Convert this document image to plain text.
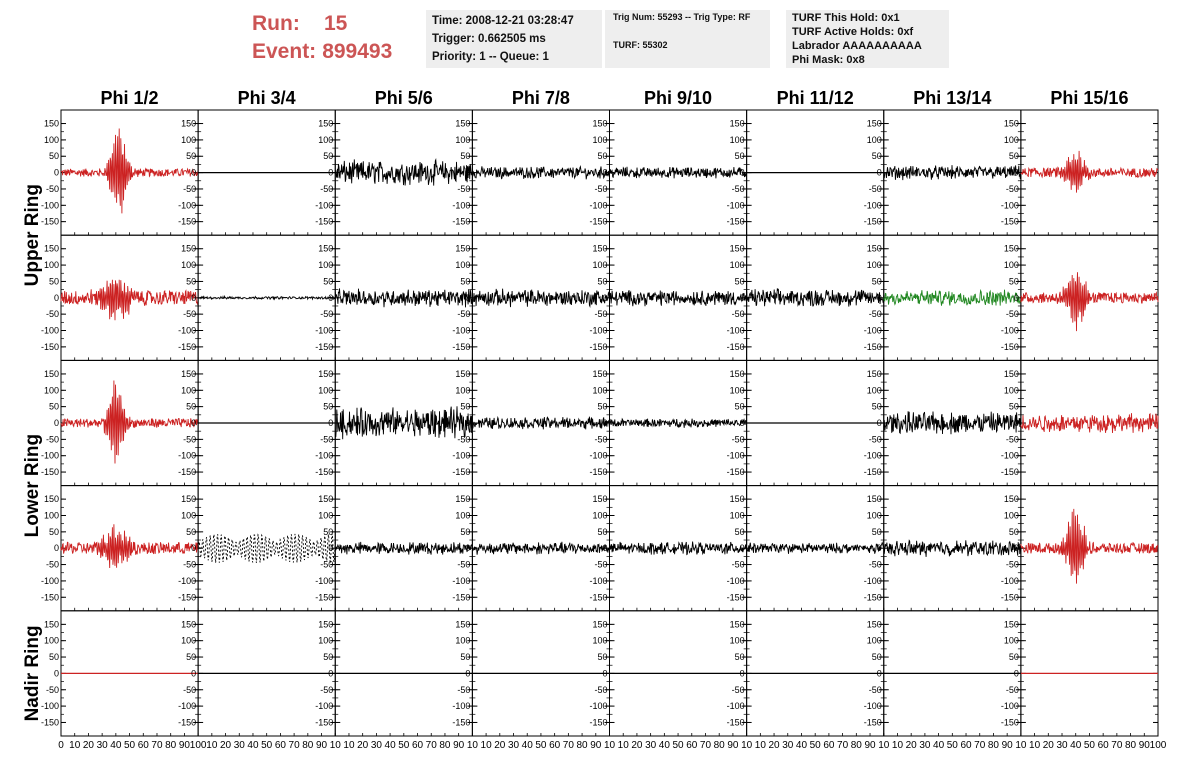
Run:	15
Event: 899493
Time: 2008-12-21 03:28:47
Trigger: 0.662505 ms
Priority: 1 -- Queue: 1
Trig Num: 55293 -- Trig Type: RF
TURF: 55302
TURF This Hold: 0x1
TURF Active Holds: 0xf
Labrador AAAAAAAAAA
Phi Mask: 0x8
Phi 1/2	Phi 3/4	Phi 5/6	Phi 7/8	Phi 9/10	Phi 11/12	Phi 13/14	Phi 15/16
Upper Ring
Lower Ring
Nadir Ring
-150
-100
-50
0
50
100
150
-150
-100
-50
0
50
100
150
-150
-100
-50
0
50
100
150
-150
-100
-50
0
50
100
150
-150
-100
-50
0
50
100
150
-150
-100
-50
0
50
100
150
-150
-100
-50
0
50
100
150
-150
-100
-50
0
50
100
150
-150
-100
-50
0
50
100
150
-150
-100
-50
0
50
100
150
-150
-100
-50
0
50
100
150
-150
-100
-50
0
50
100
150
-150
-100
-50
0
50
100
150
-150
-100
-50
0
50
100
150
-150
-100
-50
0
50
100
150
-150
-100
-50
0
50
100
150
-150
-100
-50
0
50
100
150
-150
-100
-50
0
50
100
150
-150
-100
-50
0
50
100
150
-150
-100
-50
0
50
100
150
-150
-100
-50
0
50
100
150
-150
-100
-50
0
50
100
150
-150
-100
-50
0
50
100
150
-150
-100
-50
0
50
100
150
-150
-100
-50
0
50
100
150
-150
-100
-50
0
50
100
150
-150
-100
-50
0
50
100
150
-150
-100
-50
0
50
100
150
-150
-100
-50
0
50
100
150
-150
-100
-50
0
50
100
150
-150
-100
-50
0
50
100
150
-150
-100
-50
0
50
100
150
-150
-100
-50
0
50
100
150
-150
-100
-50
0
50
100
150
-150
-100
-50
0
50
100
150
-150
-100
-50
0
50
100
150
-150
-100
-50
0
50
100
150
-150
-100
-50
0
50
100
150
-150
-100
-50
0
50
100
150
-150
-100
-50
0
50
100
150
0 10 20 30 40 50 60 70 80 90 100 10 20 30 40 50 60 70 80 90 10 10 20 30 40 50 60 70 80 90 10 10 20 30 40 50 60 70 80 90 10 10 20 30 40 50 60 70 80 90 10 10 20 30 40 50 60 70 80 90 10 10 20 30 40 50 60 70 80 90 10 10 20 30 40 50 60 70 80 90 100
